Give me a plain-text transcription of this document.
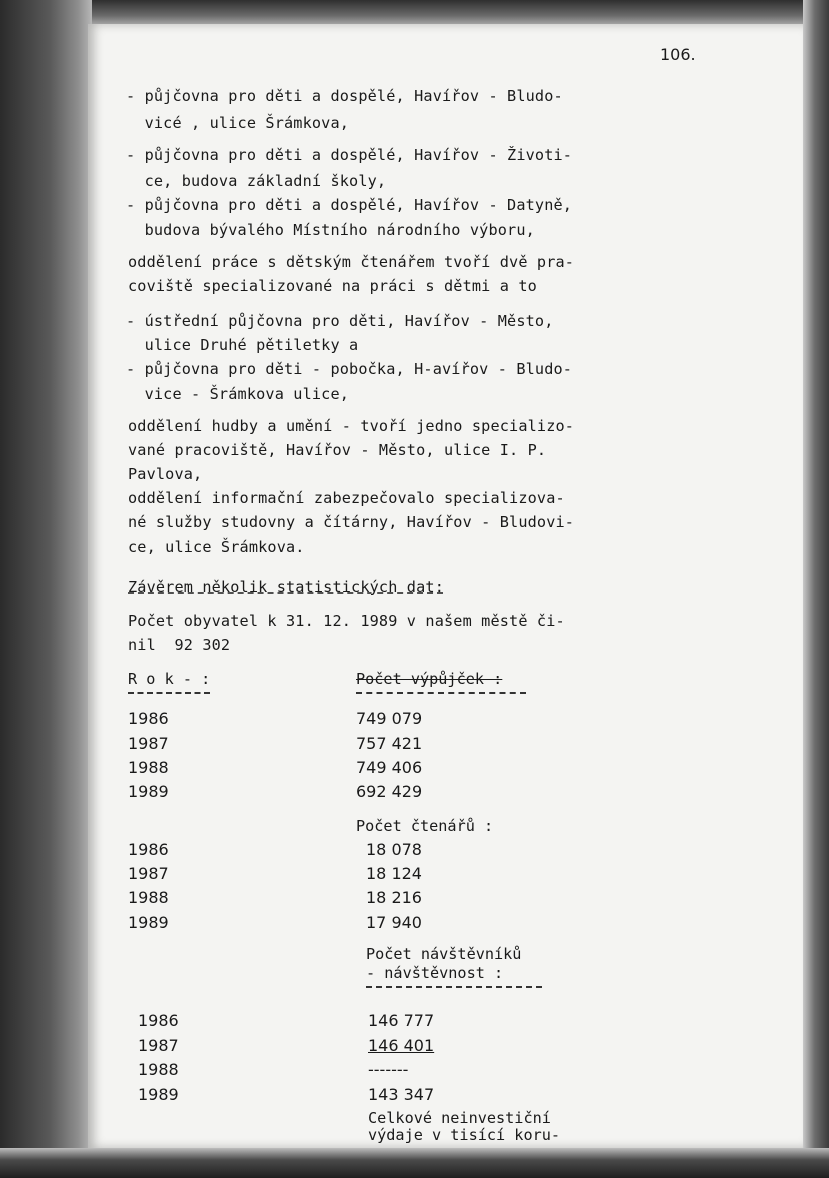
106.
- půjčovna pro děti a dospělé, Havířov - Bludo-
vicé , ulice Šrámkova,
- půjčovna pro děti a dospělé, Havířov - Životi-
ce, budova základní školy,
- půjčovna pro děti a dospělé, Havířov - Datyně,
budova bývalého Místního národního výboru,
oddělení práce s dětským čtenářem tvoří dvě pra-
coviště specializované na práci s dětmi a to
- ústřední půjčovna pro děti, Havířov - Město,
ulice Druhé pětiletky a
- půjčovna pro děti - pobočka, H-avířov - Bludo-
vice - Šrámkova ulice,
oddělení hudby a umění - tvoří jedno specializo-
vané pracoviště, Havířov - Město, ulice I. P.
Pavlova,
oddělení informační zabezpečovalo specializova-
né služby studovny a čítárny, Havířov - Bludovi-
ce, ulice Šrámkova.
Závěrem několik statistických dat:
Počet obyvatel k 31. 12. 1989 v našem městě či-
nil  92 302
R o k - :	Počet výpůjček :
1986	749 079
1987	757 421
1988	749 406
1989	692 429
Počet čtenářů :
1986	18 078
1987	18 124
1988	18 216
1989	17 940
Počet návštěvníků
- návštěvnost :
1986	146 777
1987	146 401
1988	-------
1989	143 347
Celkové neinvestiční
výdaje v tisící koru-
